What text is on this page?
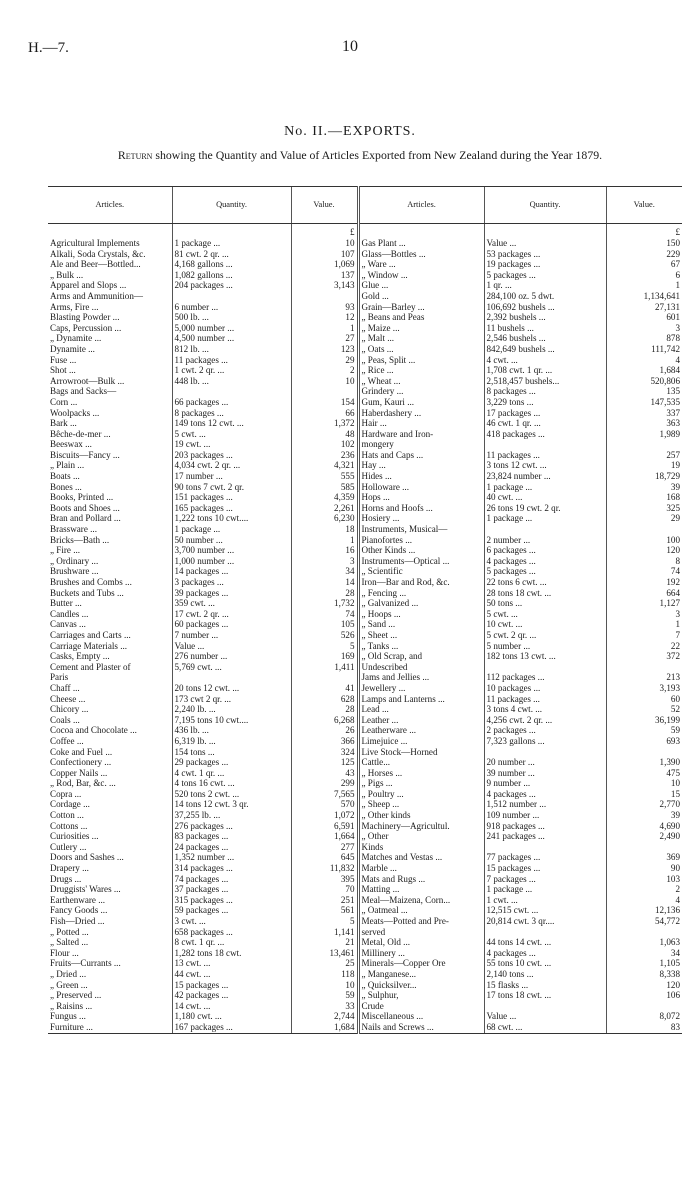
H.—7.	10
No. II.—EXPORTS.
Return showing the Quantity and Value of Articles Exported from New Zealand during the Year 1879.
Articles.	Quantity.	Value.	Articles.	Quantity.	Value.
		£			£
Agricultural Implements	1 package ...	10	Gas Plant ...	Value ...	150
Alkali, Soda Crystals, &c.	81 cwt. 2 qr. ...	107	Glass—Bottles ...	53 packages ...	229
Ale and Beer—Bottled...	4,168 gallons ...	1,069	„ Ware ...	19 packages ...	67
„ Bulk ...	1,082 gallons ...	137	„ Window ...	5 packages ...	6
Apparel and Slops ...	204 packages ...	3,143	Glue ...	1 qr. ...	1
Arms and Ammunition—			Gold ...	284,100 oz. 5 dwt.	1,134,641
Arms, Fire ...	6 number ...	93	Grain—Barley ...	106,692 bushels ...	27,131
Blasting Powder ...	500 lb. ...	12	„ Beans and Peas	2,392 bushels ...	601
Caps, Percussion ...	5,000 number ...	1	„ Maize ...	11 bushels ...	3
„ Dynamite ...	4,500 number ...	27	„ Malt ...	2,546 bushels ...	878
Dynamite ...	812 lb. ...	123	„ Oats ...	842,649 bushels ...	111,742
Fuse ...	11 packages ...	29	„ Peas, Split ...	4 cwt. ...	4
Shot ...	1 cwt. 2 qr. ...	2	„ Rice ...	1,708 cwt. 1 qr. ...	1,684
Arrowroot—Bulk ...	448 lb. ...	10	„ Wheat ...	2,518,457 bushels...	520,806
Bags and Sacks—			Grindery ...	8 packages ...	135
Corn ...	66 packages ...	154	Gum, Kauri ...	3,229 tons ...	147,535
Woolpacks ...	8 packages ...	66	Haberdashery ...	17 packages ...	337
Bark ...	149 tons 12 cwt. ...	1,372	Hair ...	46 cwt. 1 qr. ...	363
Bêche-de-mer ...	5 cwt. ...	48	Hardware and Iron-	418 packages ...	1,989
Beeswax ...	19 cwt. ...	102	mongery		
Biscuits—Fancy ...	203 packages ...	236	Hats and Caps ...	11 packages ...	257
„ Plain ...	4,034 cwt. 2 qr. ...	4,321	Hay ...	3 tons 12 cwt. ...	19
Boats ...	17 number ...	555	Hides ...	23,824 number ...	18,729
Bones ...	90 tons 7 cwt. 2 qr.	585	Holloware ...	1 package ...	39
Books, Printed ...	151 packages ...	4,359	Hops ...	40 cwt. ...	168
Boots and Shoes ...	165 packages ...	2,261	Horns and Hoofs ...	26 tons 19 cwt. 2 qr.	325
Bran and Pollard ...	1,222 tons 10 cwt....	6,230	Hosiery ...	1 package ...	29
Brassware ...	1 package ...	18	Instruments, Musical—		
Bricks—Bath ...	50 number ...	1	Pianofortes ...	2 number ...	100
„ Fire ...	3,700 number ...	16	Other Kinds ...	6 packages ...	120
„ Ordinary ...	1,000 number ...	3	Instruments—Optical ...	4 packages ...	8
Brushware ...	14 packages ...	34	„ Scientific	5 packages ...	74
Brushes and Combs ...	3 packages ...	14	Iron—Bar and Rod, &c.	22 tons 6 cwt. ...	192
Buckets and Tubs ...	39 packages ...	28	„ Fencing ...	28 tons 18 cwt. ...	664
Butter ...	359 cwt. ...	1,732	„ Galvanized ...	50 tons ...	1,127
Candles ...	17 cwt. 2 qr. ...	74	„ Hoops ...	5 cwt. ...	3
Canvas ...	60 packages ...	105	„ Sand ...	10 cwt. ...	1
Carriages and Carts ...	7 number ...	526	„ Sheet ...	5 cwt. 2 qr. ...	7
Carriage Materials ...	Value ...	5	„ Tanks ...	5 number ...	22
Casks, Empty ...	276 number ...	169	„ Old Scrap, and	182 tons 13 cwt. ...	372
Cement and Plaster of	5,769 cwt. ...	1,411	Undescribed		
Paris			Jams and Jellies ...	112 packages ...	213
Chaff ...	20 tons 12 cwt. ...	41	Jewellery ...	10 packages ...	3,193
Cheese ...	173 cwt 2 qr. ...	628	Lamps and Lanterns ...	11 packages ...	60
Chicory ...	2,240 lb. ...	28	Lead ...	3 tons 4 cwt. ...	52
Coals ...	7,195 tons 10 cwt....	6,268	Leather ...	4,256 cwt. 2 qr. ...	36,199
Cocoa and Chocolate ...	436 lb. ...	26	Leatherware ...	2 packages ...	59
Coffee ...	6,319 lb. ...	366	Limejuice ...	7,323 gallons ...	693
Coke and Fuel ...	154 tons ...	324	Live Stock—Horned		
Confectionery ...	29 packages ...	125	Cattle...	20 number ...	1,390
Copper Nails ...	4 cwt. 1 qr. ...	43	„ Horses ...	39 number ...	475
„ Rod, Bar, &c. ...	4 tons 16 cwt. ...	299	„ Pigs ...	9 number ...	10
Copra ...	520 tons 2 cwt. ...	7,565	„ Poultry ...	4 packages ...	15
Cordage ...	14 tons 12 cwt. 3 qr.	570	„ Sheep ...	1,512 number ...	2,770
Cotton ...	37,255 lb. ...	1,072	„ Other kinds	109 number ...	39
Cottons ...	276 packages ...	6,591	Machinery—Agricultul.	918 packages ...	4,690
Curiosities ...	83 packages ...	1,664	„ Other	241 packages ...	2,490
Cutlery ...	24 packages ...	277	Kinds		
Doors and Sashes ...	1,352 number ...	645	Matches and Vestas ...	77 packages ...	369
Drapery ...	314 packages ...	11,832	Marble ...	15 packages ...	90
Drugs ...	74 packages ...	395	Mats and Rugs ...	7 packages ...	103
Druggists' Wares ...	37 packages ...	70	Matting ...	1 package ...	2
Earthenware ...	315 packages ...	251	Meal—Maizena, Corn...	1 cwt. ...	4
Fancy Goods ...	59 packages ...	561	„ Oatmeal ...	12,515 cwt. ...	12,136
Fish—Dried ...	3 cwt. ...	5	Meats—Potted and Pre-	20,814 cwt. 3 qr....	54,772
„ Potted ...	658 packages ...	1,141	served		
„ Salted ...	8 cwt. 1 qr. ...	21	Metal, Old ...	44 tons 14 cwt. ...	1,063
Flour ...	1,282 tons 18 cwt.	13,461	Millinery ...	4 packages ...	34
Fruits—Currants ...	13 cwt. ...	25	Minerals—Copper Ore	55 tons 10 cwt. ...	1,105
„ Dried ...	44 cwt. ...	118	„ Manganese...	2,140 tons ...	8,338
„ Green ...	15 packages ...	10	„ Quicksilver...	15 flasks ...	120
„ Preserved ...	42 packages ...	59	„ Sulphur,	17 tons 18 cwt. ...	106
„ Raisins ...	14 cwt. ...	33	Crude		
Fungus ...	1,180 cwt. ...	2,744	Miscellaneous ...	Value ...	8,072
Furniture ...	167 packages ...	1,684	Nails and Screws ...	68 cwt. ...	83
